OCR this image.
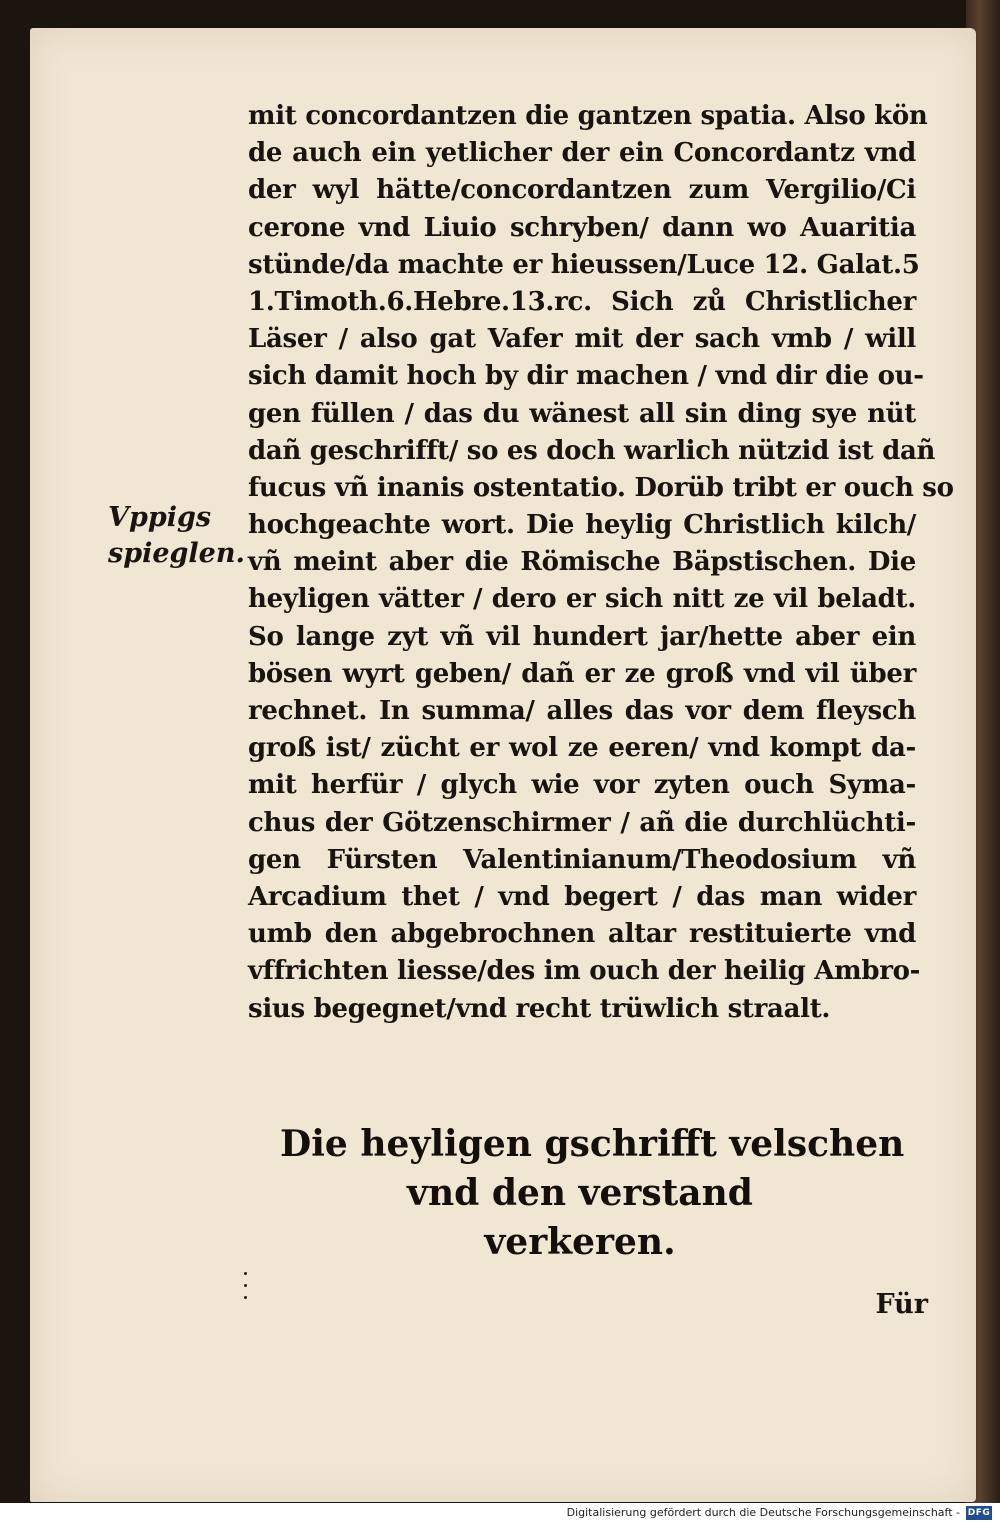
mit concordantzen die gantzen spatia. Also kön
de auch ein yetlicher der ein Concordantz vnd
der wyl hätte/concordantzen zum Vergilio/Ci
cerone vnd Liuio schryben/ dann wo Auaritia
stünde/da machte er hieussen/Luce 12. Galat.5
1.Timoth.6.Hebre.13.rc. Sich zů Christlicher
Läser / also gat Vafer mit der sach vmb / will
sich damit hoch by dir machen / vnd dir die ou-
gen füllen / das du wänest all sin ding sye nüt
dañ geschrifft/ so es doch warlich nützid ist dañ
fucus vñ inanis ostentatio. Dorüb tribt er ouch so
hochgeachte wort. Die heylig Christlich kilch/
vñ meint aber die Römische Bäpstischen. Die
heyligen vätter / dero er sich nitt ze vil beladt.
So lange zyt vñ vil hundert jar/hette aber ein
bösen wyrt geben/ dañ er ze groß vnd vil über
rechnet. In summa/ alles das vor dem fleysch
groß ist/ zücht er wol ze eeren/ vnd kompt da-
mit herfür / glych wie vor zyten ouch Syma-
chus der Götzenschirmer / añ die durchlüchti-
gen Fürsten Valentinianum/Theodosium vñ
Arcadium thet / vnd begert / das man wider
umb den abgebrochnen altar restituierte vnd
vffrichten liesse/des im ouch der heilig Ambro-
sius begegnet/vnd recht trüwlich straalt.
Vppigs
spieglen.
Die heyligen gschrifft velschen
vnd den verstand
verkeren.
Für
Digitalisierung gefördert durch die Deutsche Forschungsgemeinschaft - DFG
